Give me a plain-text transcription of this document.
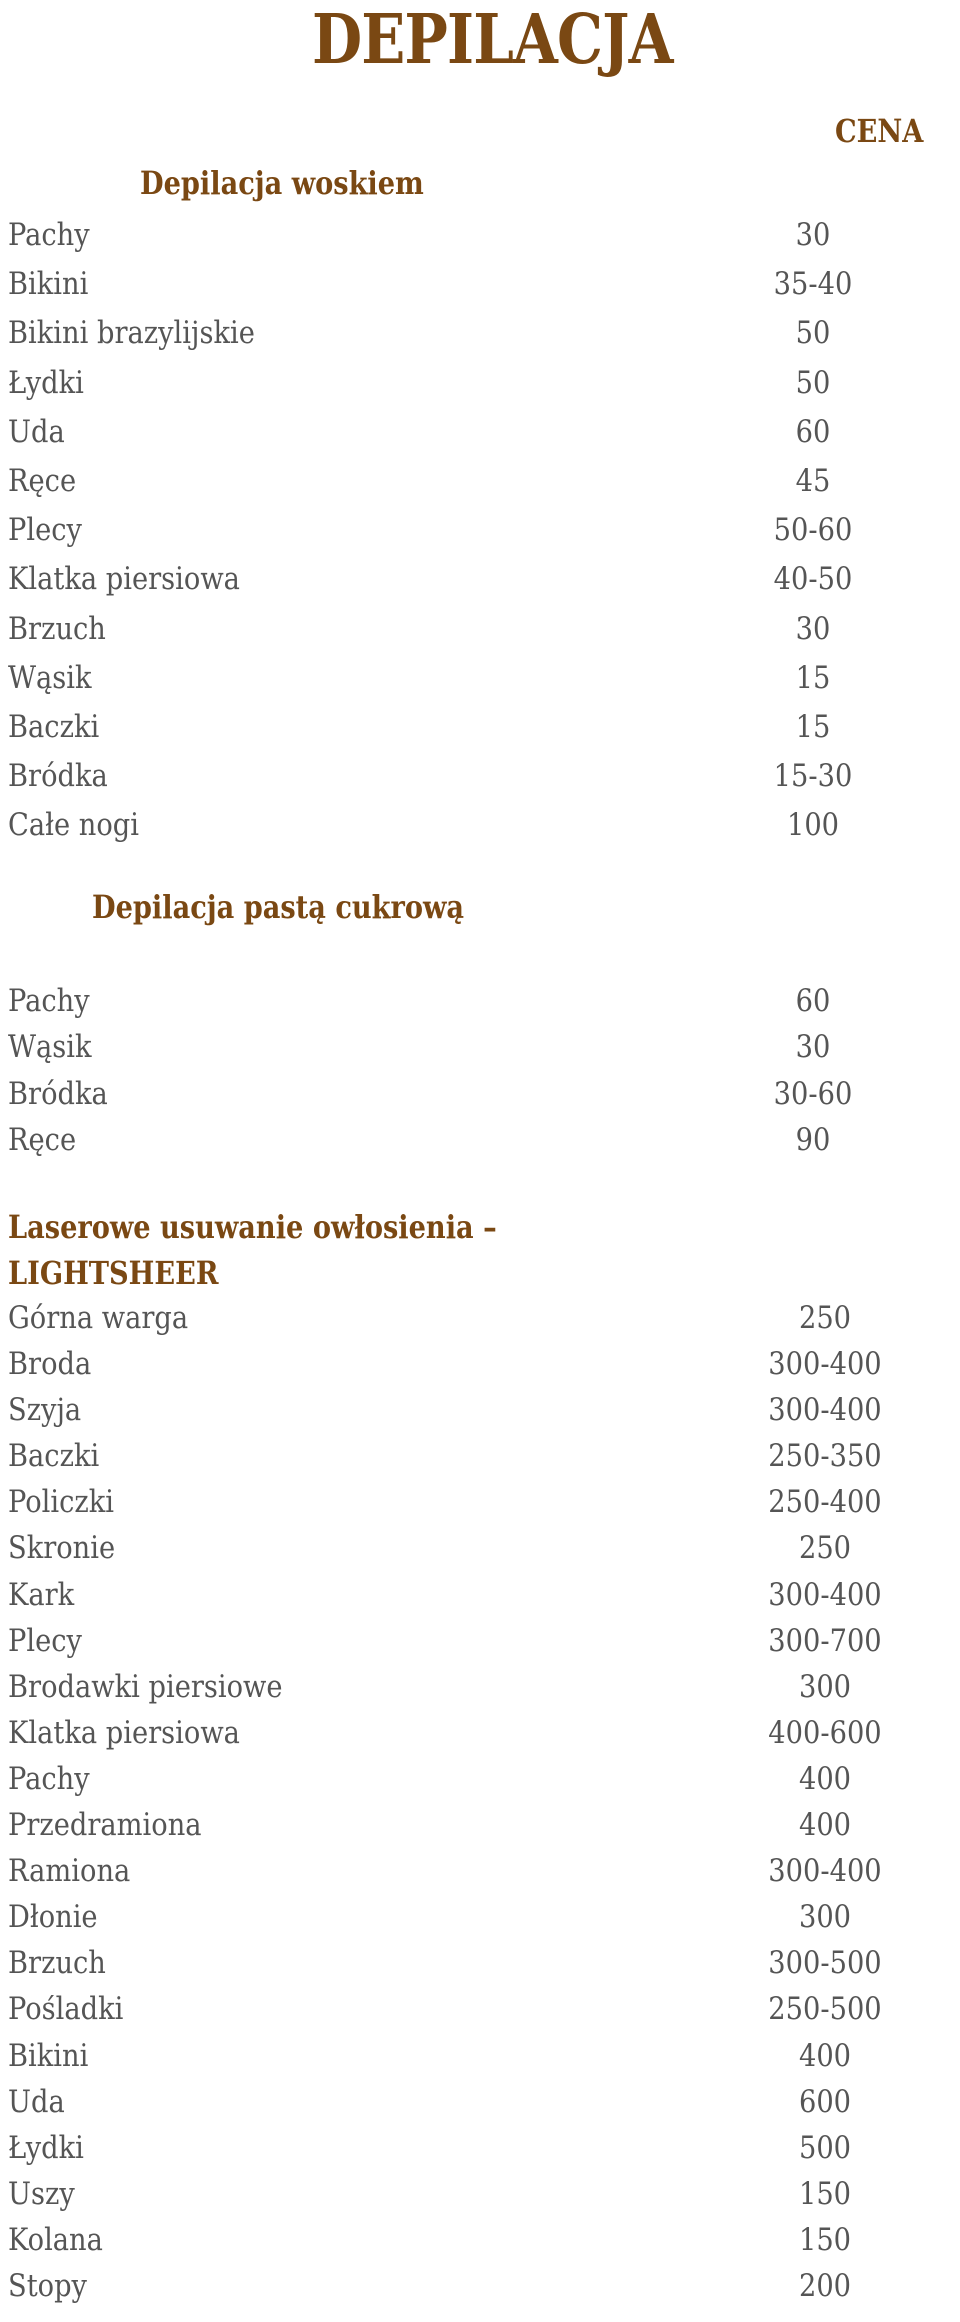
DEPILACJA
CENA
Depilacja woskiem
Pachy	30
Bikini	35-40
Bikini brazylijskie	50
Łydki	50
Uda	60
Ręce	45
Plecy	50-60
Klatka piersiowa	40-50
Brzuch	30
Wąsik	15
Baczki	15
Bródka	15-30
Całe nogi	100
Depilacja pastą cukrową
Pachy	60
Wąsik	30
Bródka	30-60
Ręce	90
Laserowe usuwanie owłosienia –
LIGHTSHEER
Górna warga	250
Broda	300-400
Szyja	300-400
Baczki	250-350
Policzki	250-400
Skronie	250
Kark	300-400
Plecy	300-700
Brodawki piersiowe	300
Klatka piersiowa	400-600
Pachy	400
Przedramiona	400
Ramiona	300-400
Dłonie	300
Brzuch	300-500
Pośladki	250-500
Bikini	400
Uda	600
Łydki	500
Uszy	150
Kolana	150
Stopy	200
